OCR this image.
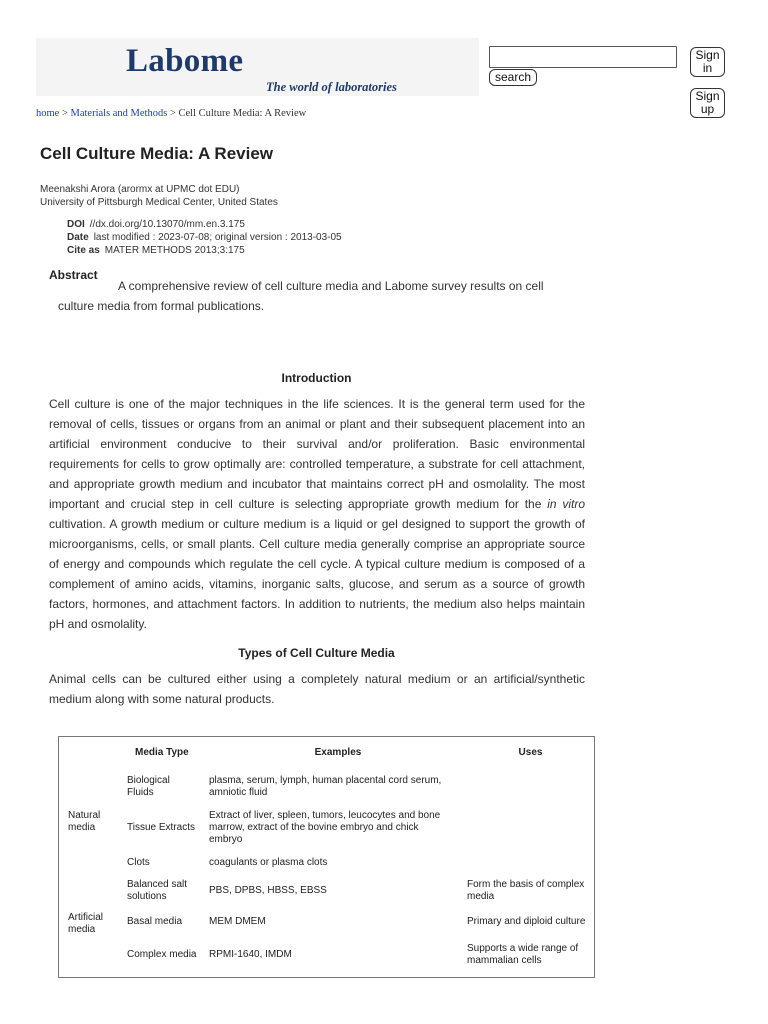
Labome
The world of laboratories
search
Sign
in
Sign
up
home > Materials and Methods > Cell Culture Media: A Review
Cell Culture Media: A Review
Meenakshi Arora (arormx at UPMC dot EDU)
University of Pittsburgh Medical Center, United States
DOI //dx.doi.org/10.13070/mm.en.3.175
Date last modified : 2023-07-08; original version : 2013-03-05
Cite as MATER METHODS 2013;3:175
Abstract
A comprehensive review of cell culture media and Labome survey results on cell culture media from formal publications.
Introduction
Cell culture is one of the major techniques in the life sciences. It is the general term used for the removal of cells, tissues or organs from an animal or plant and their subsequent placement into an artificial environment conducive to their survival and/or proliferation. Basic environmental requirements for cells to grow optimally are: controlled temperature, a substrate for cell attachment, and appropriate growth medium and incubator that maintains correct pH and osmolality. The most important and crucial step in cell culture is selecting appropriate growth medium for the in vitro cultivation. A growth medium or culture medium is a liquid or gel designed to support the growth of microorganisms, cells, or small plants. Cell culture media generally comprise an appropriate source of energy and compounds which regulate the cell cycle. A typical culture medium is composed of a complement of amino acids, vitamins, inorganic salts, glucose, and serum as a source of growth factors, hormones, and attachment factors. In addition to nutrients, the medium also helps maintain pH and osmolality.
Types of Cell Culture Media
Animal cells can be cultured either using a completely natural medium or an artificial/synthetic medium along with some natural products.
	Media Type	Examples	Uses

Natural media	Biological Fluids	plasma, serum, lymph, human placental cord serum, amniotic fluid	
	Tissue Extracts	Extract of liver, spleen, tumors, leucocytes and bone marrow, extract of the bovine embryo and chick embryo	
	Clots	coagulants or plasma clots	

Artificial media	Balanced salt solutions	PBS, DPBS, HBSS, EBSS	Form the basis of complex media
	Basal media	MEM DMEM	Primary and diploid culture
	Complex media	RPMI-1640, IMDM	Supports a wide range of mammalian cells
